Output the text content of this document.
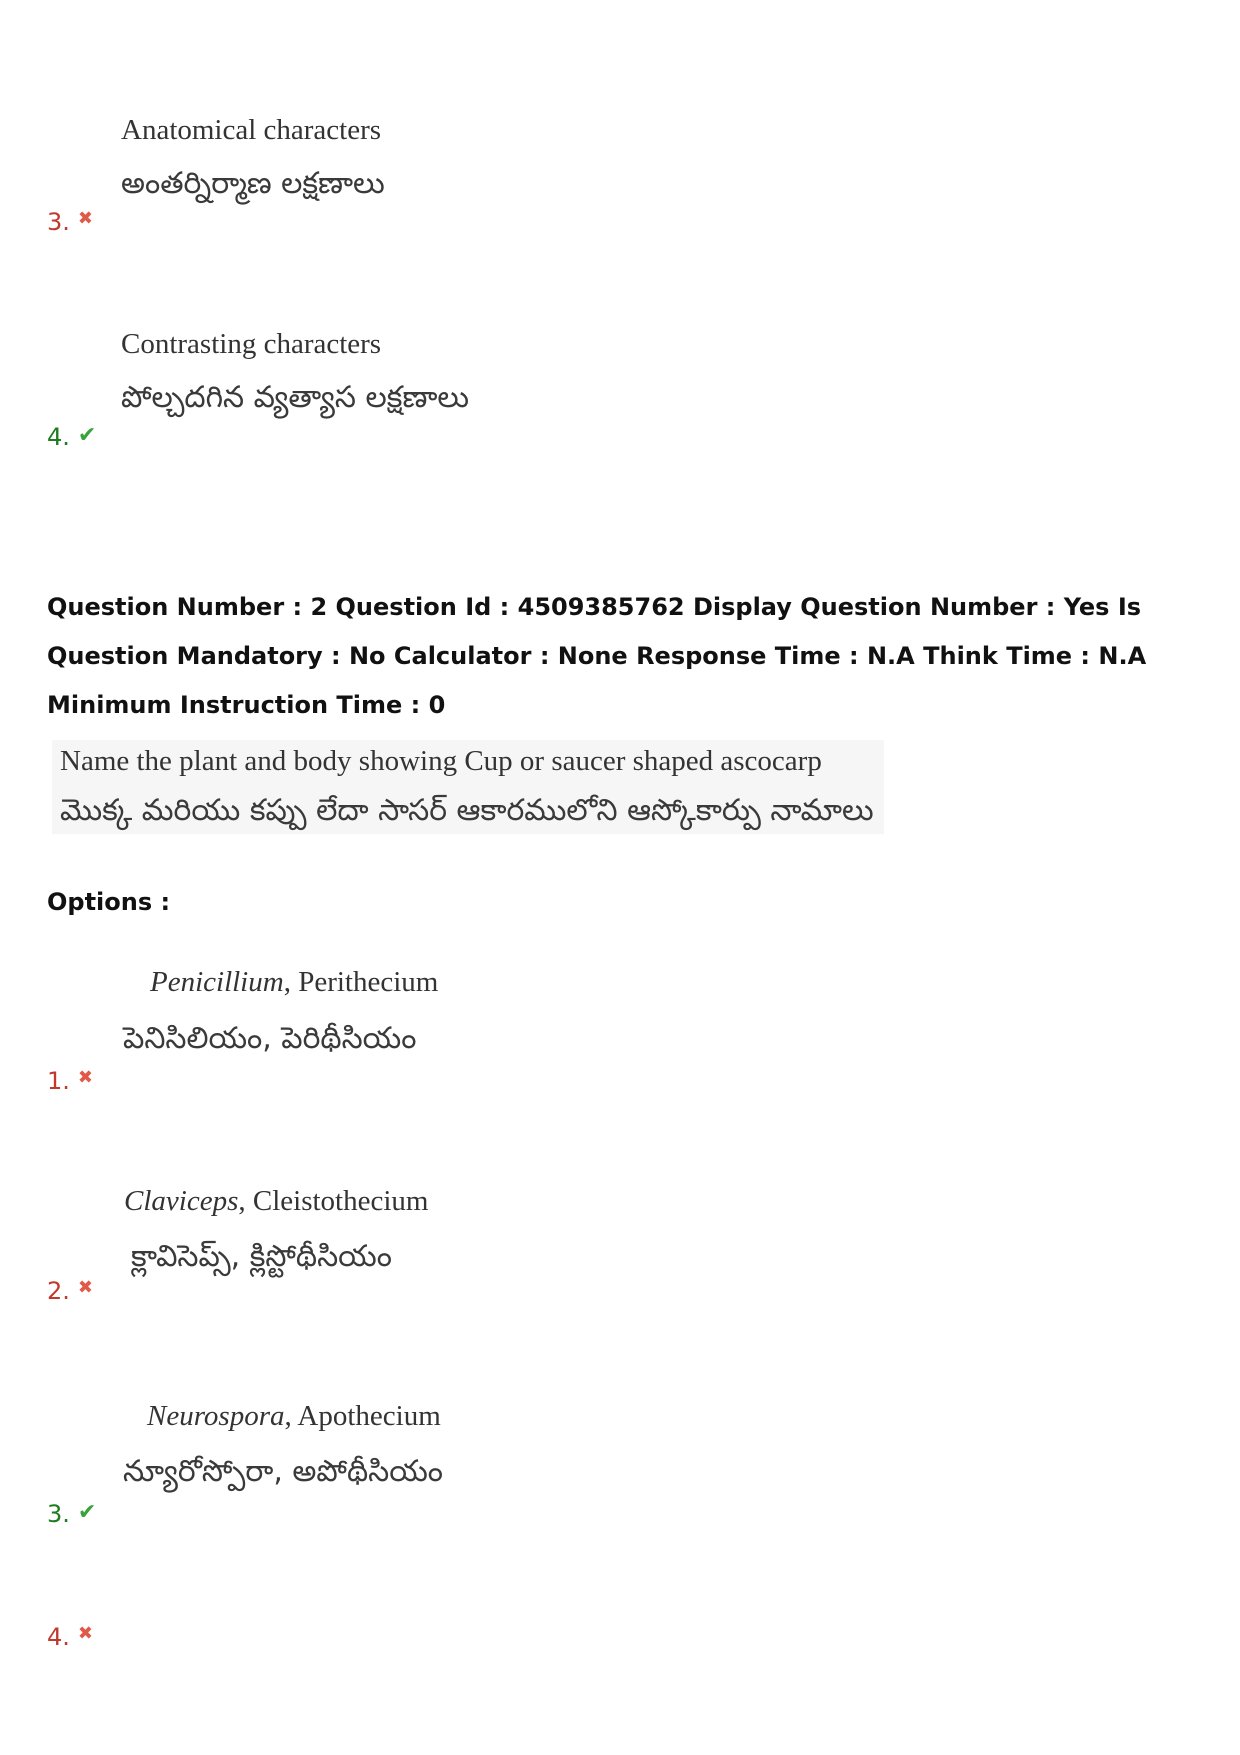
Anatomical characters
అంతర్నిర్మాణ లక్షణాలు
3. ✖
Contrasting characters
పోల్చదగిన వ్యత్యాస లక్షణాలు
4. ✔
Question Number : 2 Question Id : 4509385762 Display Question Number : Yes Is Question Mandatory : No Calculator : None Response Time : N.A Think Time : N.A Minimum Instruction Time : 0
Name the plant and body showing Cup or saucer shaped ascocarp
మొక్క మరియు కప్పు లేదా సాసర్ ఆకారములోని ఆస్కోకార్పు నామాలు
Options :
Penicillium, Perithecium
పెనిసిలియం, పెరిథీసియం
1. ✖
Claviceps, Cleistothecium
క్లావిసెప్స్, క్లిస్టోథీసియం
2. ✖
Neurospora, Apothecium
న్యూరోస్పోరా, అపోథీసియం
3. ✔
4. ✖
